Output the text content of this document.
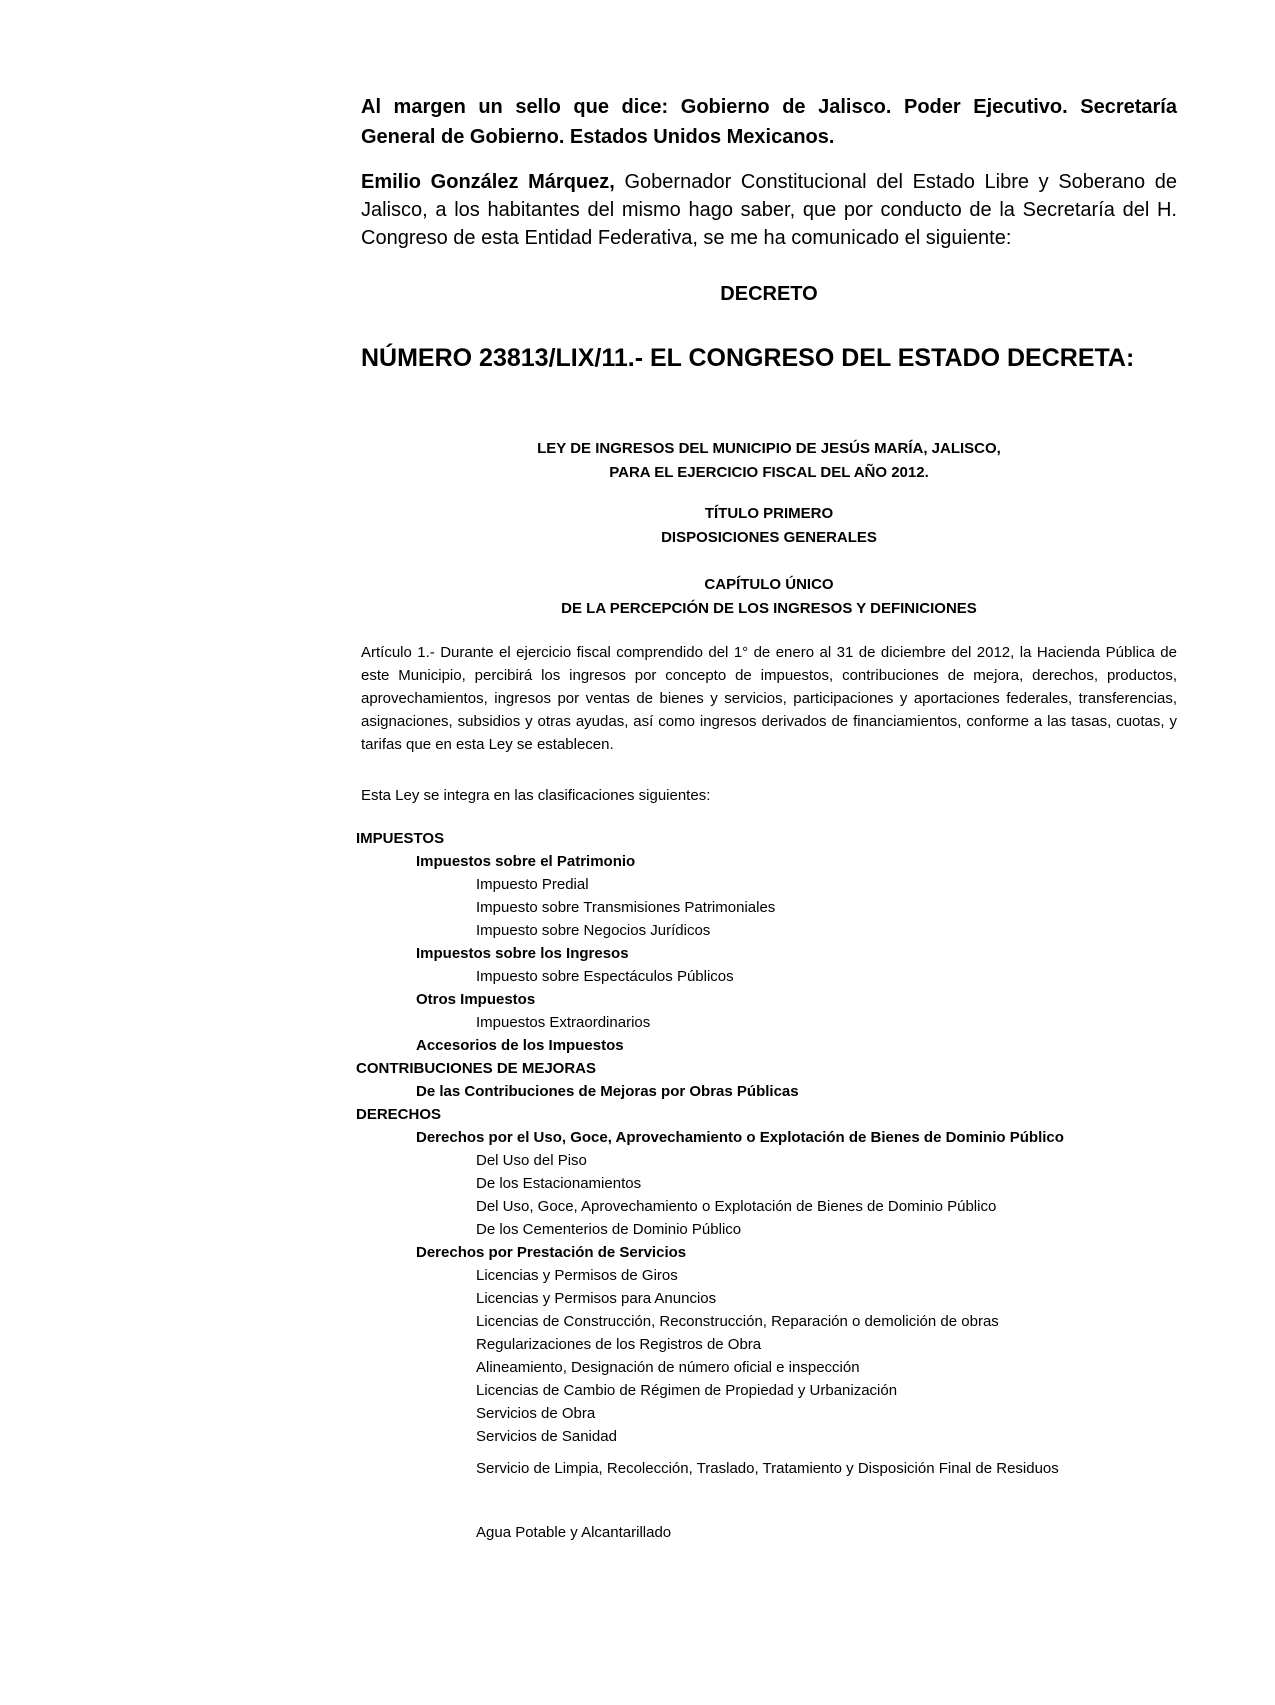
Al margen un sello que dice: Gobierno de Jalisco. Poder Ejecutivo. Secretaría General de Gobierno. Estados Unidos Mexicanos.
Emilio González Márquez, Gobernador Constitucional del Estado Libre y Soberano de Jalisco, a los habitantes del mismo hago saber, que por conducto de la Secretaría del H. Congreso de esta Entidad Federativa, se me ha comunicado el siguiente:
DECRETO
NÚMERO 23813/LIX/11.- EL CONGRESO DEL ESTADO DECRETA:
LEY DE INGRESOS DEL MUNICIPIO DE JESÚS MARÍA, JALISCO,
PARA EL EJERCICIO FISCAL DEL AÑO 2012.
TÍTULO PRIMERO
DISPOSICIONES GENERALES
CAPÍTULO ÚNICO
DE LA PERCEPCIÓN DE LOS INGRESOS Y DEFINICIONES
Artículo 1.- Durante el ejercicio fiscal comprendido del 1° de enero al 31 de diciembre del 2012, la Hacienda Pública de este Municipio, percibirá los ingresos por concepto de impuestos, contribuciones de mejora, derechos, productos, aprovechamientos, ingresos por ventas de bienes y servicios, participaciones y aportaciones federales, transferencias, asignaciones, subsidios y otras ayudas, así como ingresos derivados de financiamientos, conforme a las tasas, cuotas, y tarifas que en esta Ley se establecen.
Esta Ley se integra en las clasificaciones siguientes:
IMPUESTOS
Impuestos sobre el Patrimonio
Impuesto Predial
Impuesto sobre Transmisiones Patrimoniales
Impuesto sobre Negocios Jurídicos
Impuestos sobre los Ingresos
Impuesto sobre Espectáculos Públicos
Otros Impuestos
Impuestos Extraordinarios
Accesorios de los Impuestos
CONTRIBUCIONES DE MEJORAS
De las Contribuciones de Mejoras por Obras Públicas
DERECHOS
Derechos por el Uso, Goce, Aprovechamiento o Explotación de Bienes de Dominio Público
Del Uso del Piso
De los Estacionamientos
Del Uso, Goce, Aprovechamiento o Explotación de Bienes de Dominio Público
De los Cementerios de Dominio Público
Derechos por Prestación de Servicios
Licencias y Permisos de Giros
Licencias y Permisos para Anuncios
Licencias de Construcción, Reconstrucción, Reparación o demolición de obras
Regularizaciones de los Registros de Obra
Alineamiento, Designación de número oficial e inspección
Licencias de Cambio de Régimen de Propiedad y Urbanización
Servicios de Obra
Servicios de Sanidad
Servicio de Limpia, Recolección, Traslado, Tratamiento y Disposición Final de Residuos
Agua Potable y Alcantarillado
